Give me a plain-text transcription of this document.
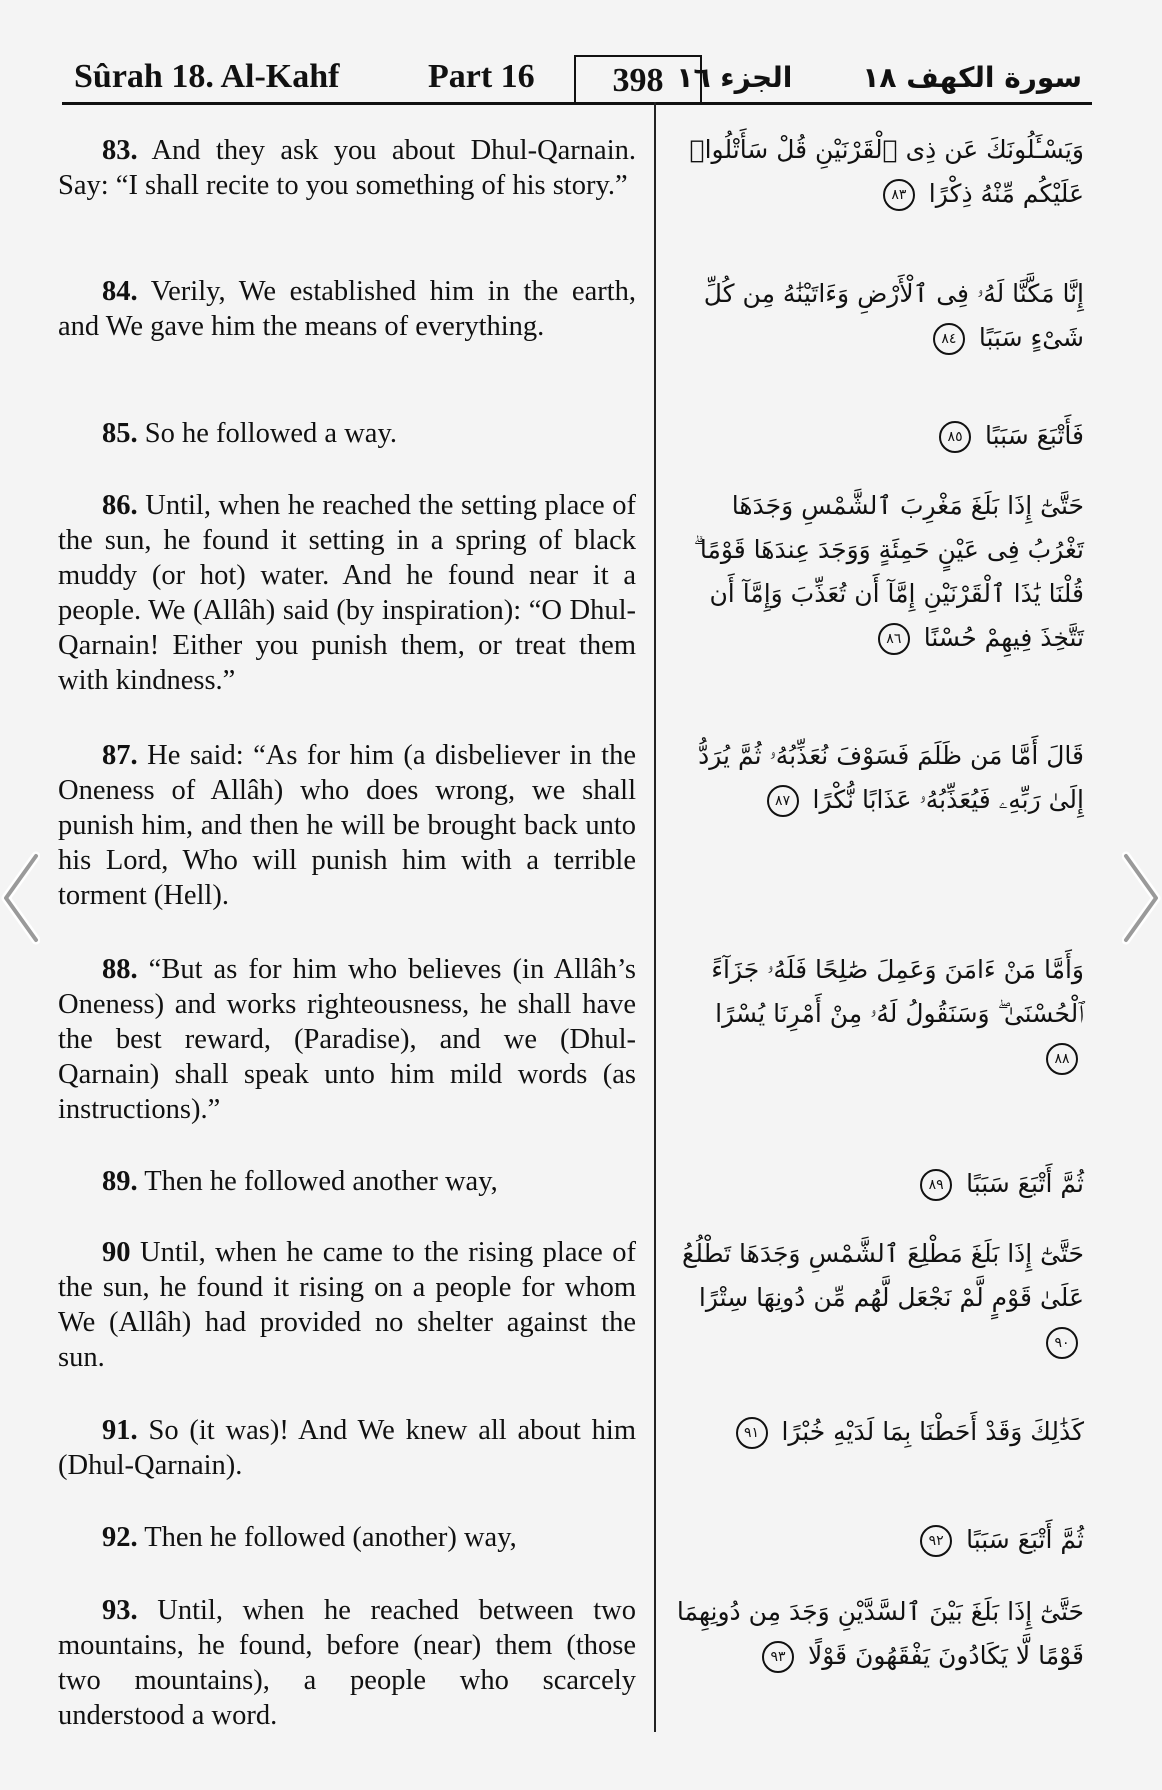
Sûrah 18. Al-Kahf	Part 16	398	سورة الكهف ١٨
الجزء ١٦

83. And they ask you about Dhul-Qarnain. Say: “I shall recite to you something of his story.”

وَيَسْـَٔلُونَكَ عَن ذِى ٱلْقَرْنَيْنِ قُلْ سَأَتْلُوا۟ عَلَيْكُم مِّنْهُ ذِكْرًا ٨٣

84. Verily, We established him in the earth, and We gave him the means of everything.

إِنَّا مَكَّنَّا لَهُۥ فِى ٱلْأَرْضِ وَءَاتَيْنَٰهُ مِن كُلِّ شَىْءٍ سَبَبًا ٨٤

85. So he followed a way.	فَأَتْبَعَ سَبَبًا ٨٥

86. Until, when he reached the setting place of the sun, he found it setting in a spring of black muddy (or hot) water. And he found near it a people. We (Allâh) said (by inspiration): “O Dhul-Qarnain! Either you punish them, or treat them with kindness.”

حَتَّىٰٓ إِذَا بَلَغَ مَغْرِبَ ٱلشَّمْسِ وَجَدَهَا تَغْرُبُ فِى عَيْنٍ حَمِئَةٍ وَوَجَدَ عِندَهَا قَوْمًا ۗ قُلْنَا يَٰذَا ٱلْقَرْنَيْنِ إِمَّآ أَن تُعَذِّبَ وَإِمَّآ أَن تَتَّخِذَ فِيهِمْ حُسْنًا ٨٦

87. He said: “As for him (a disbeliever in the Oneness of Allâh) who does wrong, we shall punish him, and then he will be brought back unto his Lord, Who will punish him with a terrible torment (Hell).

قَالَ أَمَّا مَن ظَلَمَ فَسَوْفَ نُعَذِّبُهُۥ ثُمَّ يُرَدُّ إِلَىٰ رَبِّهِۦ فَيُعَذِّبُهُۥ عَذَابًا نُّكْرًا ٨٧

88. “But as for him who believes (in Allâh’s Oneness) and works righteousness, he shall have the best reward, (Paradise), and we (Dhul-Qarnain) shall speak unto him mild words (as instructions).”

وَأَمَّا مَنْ ءَامَنَ وَعَمِلَ صَٰلِحًا فَلَهُۥ جَزَآءً ٱلْحُسْنَىٰ ۖ وَسَنَقُولُ لَهُۥ مِنْ أَمْرِنَا يُسْرًا ٨٨

89. Then he followed another way,	ثُمَّ أَتْبَعَ سَبَبًا ٨٩

90 Until, when he came to the rising place of the sun, he found it rising on a people for whom We (Allâh) had provided no shelter against the sun.

حَتَّىٰٓ إِذَا بَلَغَ مَطْلِعَ ٱلشَّمْسِ وَجَدَهَا تَطْلُعُ عَلَىٰ قَوْمٍ لَّمْ نَجْعَل لَّهُم مِّن دُونِهَا سِتْرًا ٩٠

91. So (it was)! And We knew all about him (Dhul-Qarnain).

كَذَٰلِكَ وَقَدْ أَحَطْنَا بِمَا لَدَيْهِ خُبْرًا ٩١

92. Then he followed (another) way,	ثُمَّ أَتْبَعَ سَبَبًا ٩٢

93. Until, when he reached between two mountains, he found, before (near) them (those two mountains), a people who scarcely understood a word.

حَتَّىٰٓ إِذَا بَلَغَ بَيْنَ ٱلسَّدَّيْنِ وَجَدَ مِن دُونِهِمَا قَوْمًا لَّا يَكَادُونَ يَفْقَهُونَ قَوْلًا ٩٣
